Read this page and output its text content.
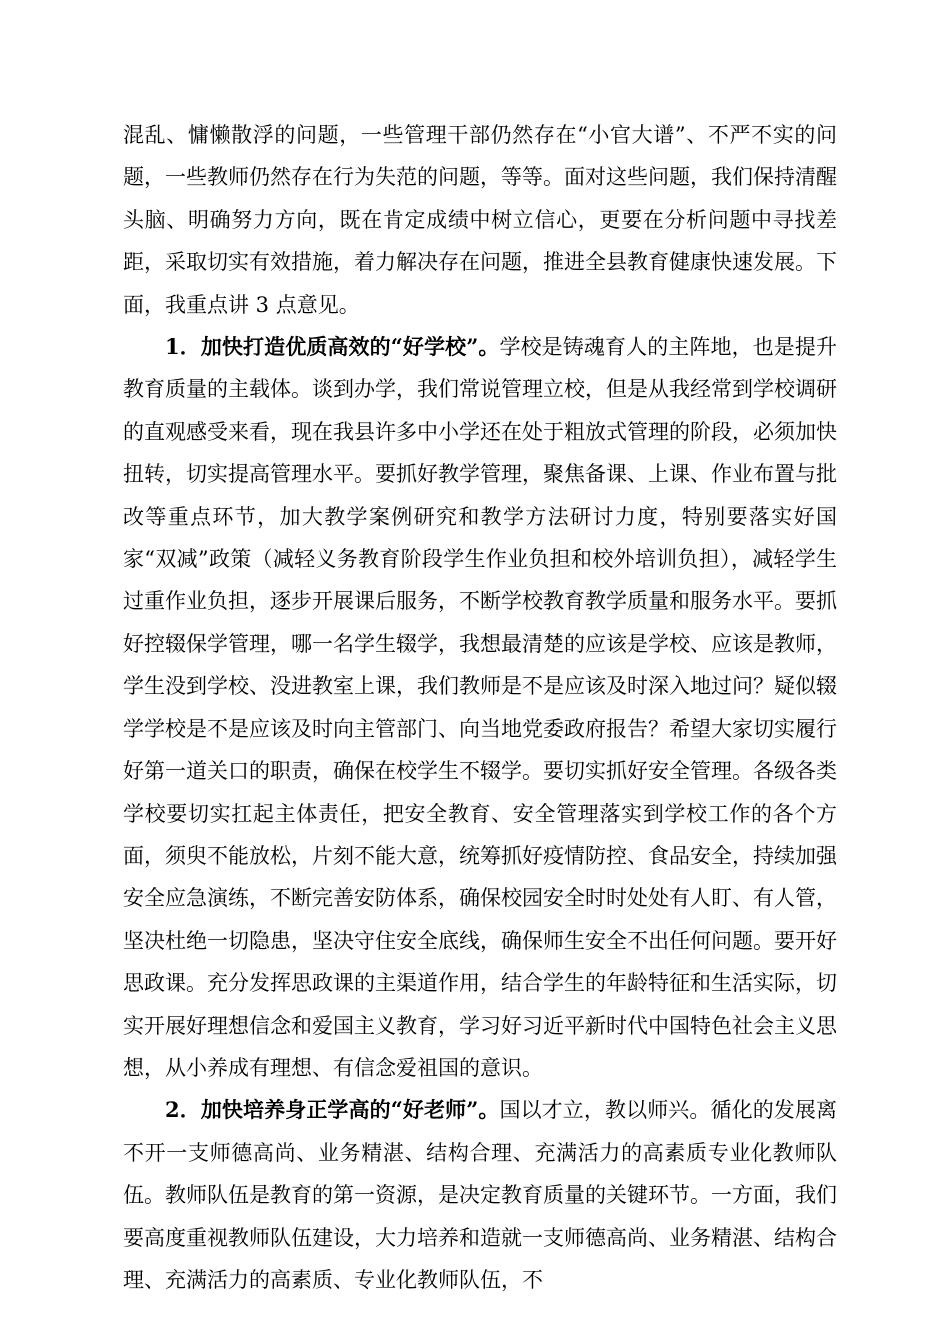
混乱、慵懒散浮的问题，一些管理干部仍然存在“小官大谱”、不严不实的问题，一些教师仍然存在行为失范的问题，等等。面对这些问题，我们保持清醒头脑、明确努力方向，既在肯定成绩中树立信心，更要在分析问题中寻找差距，采取切实有效措施，着力解决存在问题，推进全县教育健康快速发展。下面，我重点讲 3 点意见。

1．加快打造优质高效的“好学校”。学校是铸魂育人的主阵地，也是提升教育质量的主载体。谈到办学，我们常说管理立校，但是从我经常到学校调研的直观感受来看，现在我县许多中小学还在处于粗放式管理的阶段，必须加快扭转，切实提高管理水平。要抓好教学管理，聚焦备课、上课、作业布置与批改等重点环节，加大教学案例研究和教学方法研讨力度，特别要落实好国家“双减”政策（减轻义务教育阶段学生作业负担和校外培训负担），减轻学生过重作业负担，逐步开展课后服务，不断学校教育教学质量和服务水平。要抓好控辍保学管理，哪一名学生辍学，我想最清楚的应该是学校、应该是教师，学生没到学校、没进教室上课，我们教师是不是应该及时深入地过问？疑似辍学学校是不是应该及时向主管部门、向当地党委政府报告？希望大家切实履行好第一道关口的职责，确保在校学生不辍学。要切实抓好安全管理。各级各类学校要切实扛起主体责任，把安全教育、安全管理落实到学校工作的各个方面，须臾不能放松，片刻不能大意，统筹抓好疫情防控、食品安全，持续加强安全应急演练，不断完善安防体系，确保校园安全时时处处有人盯、有人管，坚决杜绝一切隐患，坚决守住安全底线，确保师生安全不出任何问题。要开好思政课。充分发挥思政课的主渠道作用，结合学生的年龄特征和生活实际，切实开展好理想信念和爱国主义教育，学习好习近平新时代中国特色社会主义思想，从小养成有理想、有信念爱祖国的意识。

2．加快培养身正学高的“好老师”。国以才立，教以师兴。循化的发展离不开一支师德高尚、业务精湛、结构合理、充满活力的高素质专业化教师队伍。教师队伍是教育的第一资源，是决定教育质量的关键环节。一方面，我们要高度重视教师队伍建设，大力培养和造就一支师德高尚、业务精湛、结构合理、充满活力的高素质、专业化教师队伍，不
